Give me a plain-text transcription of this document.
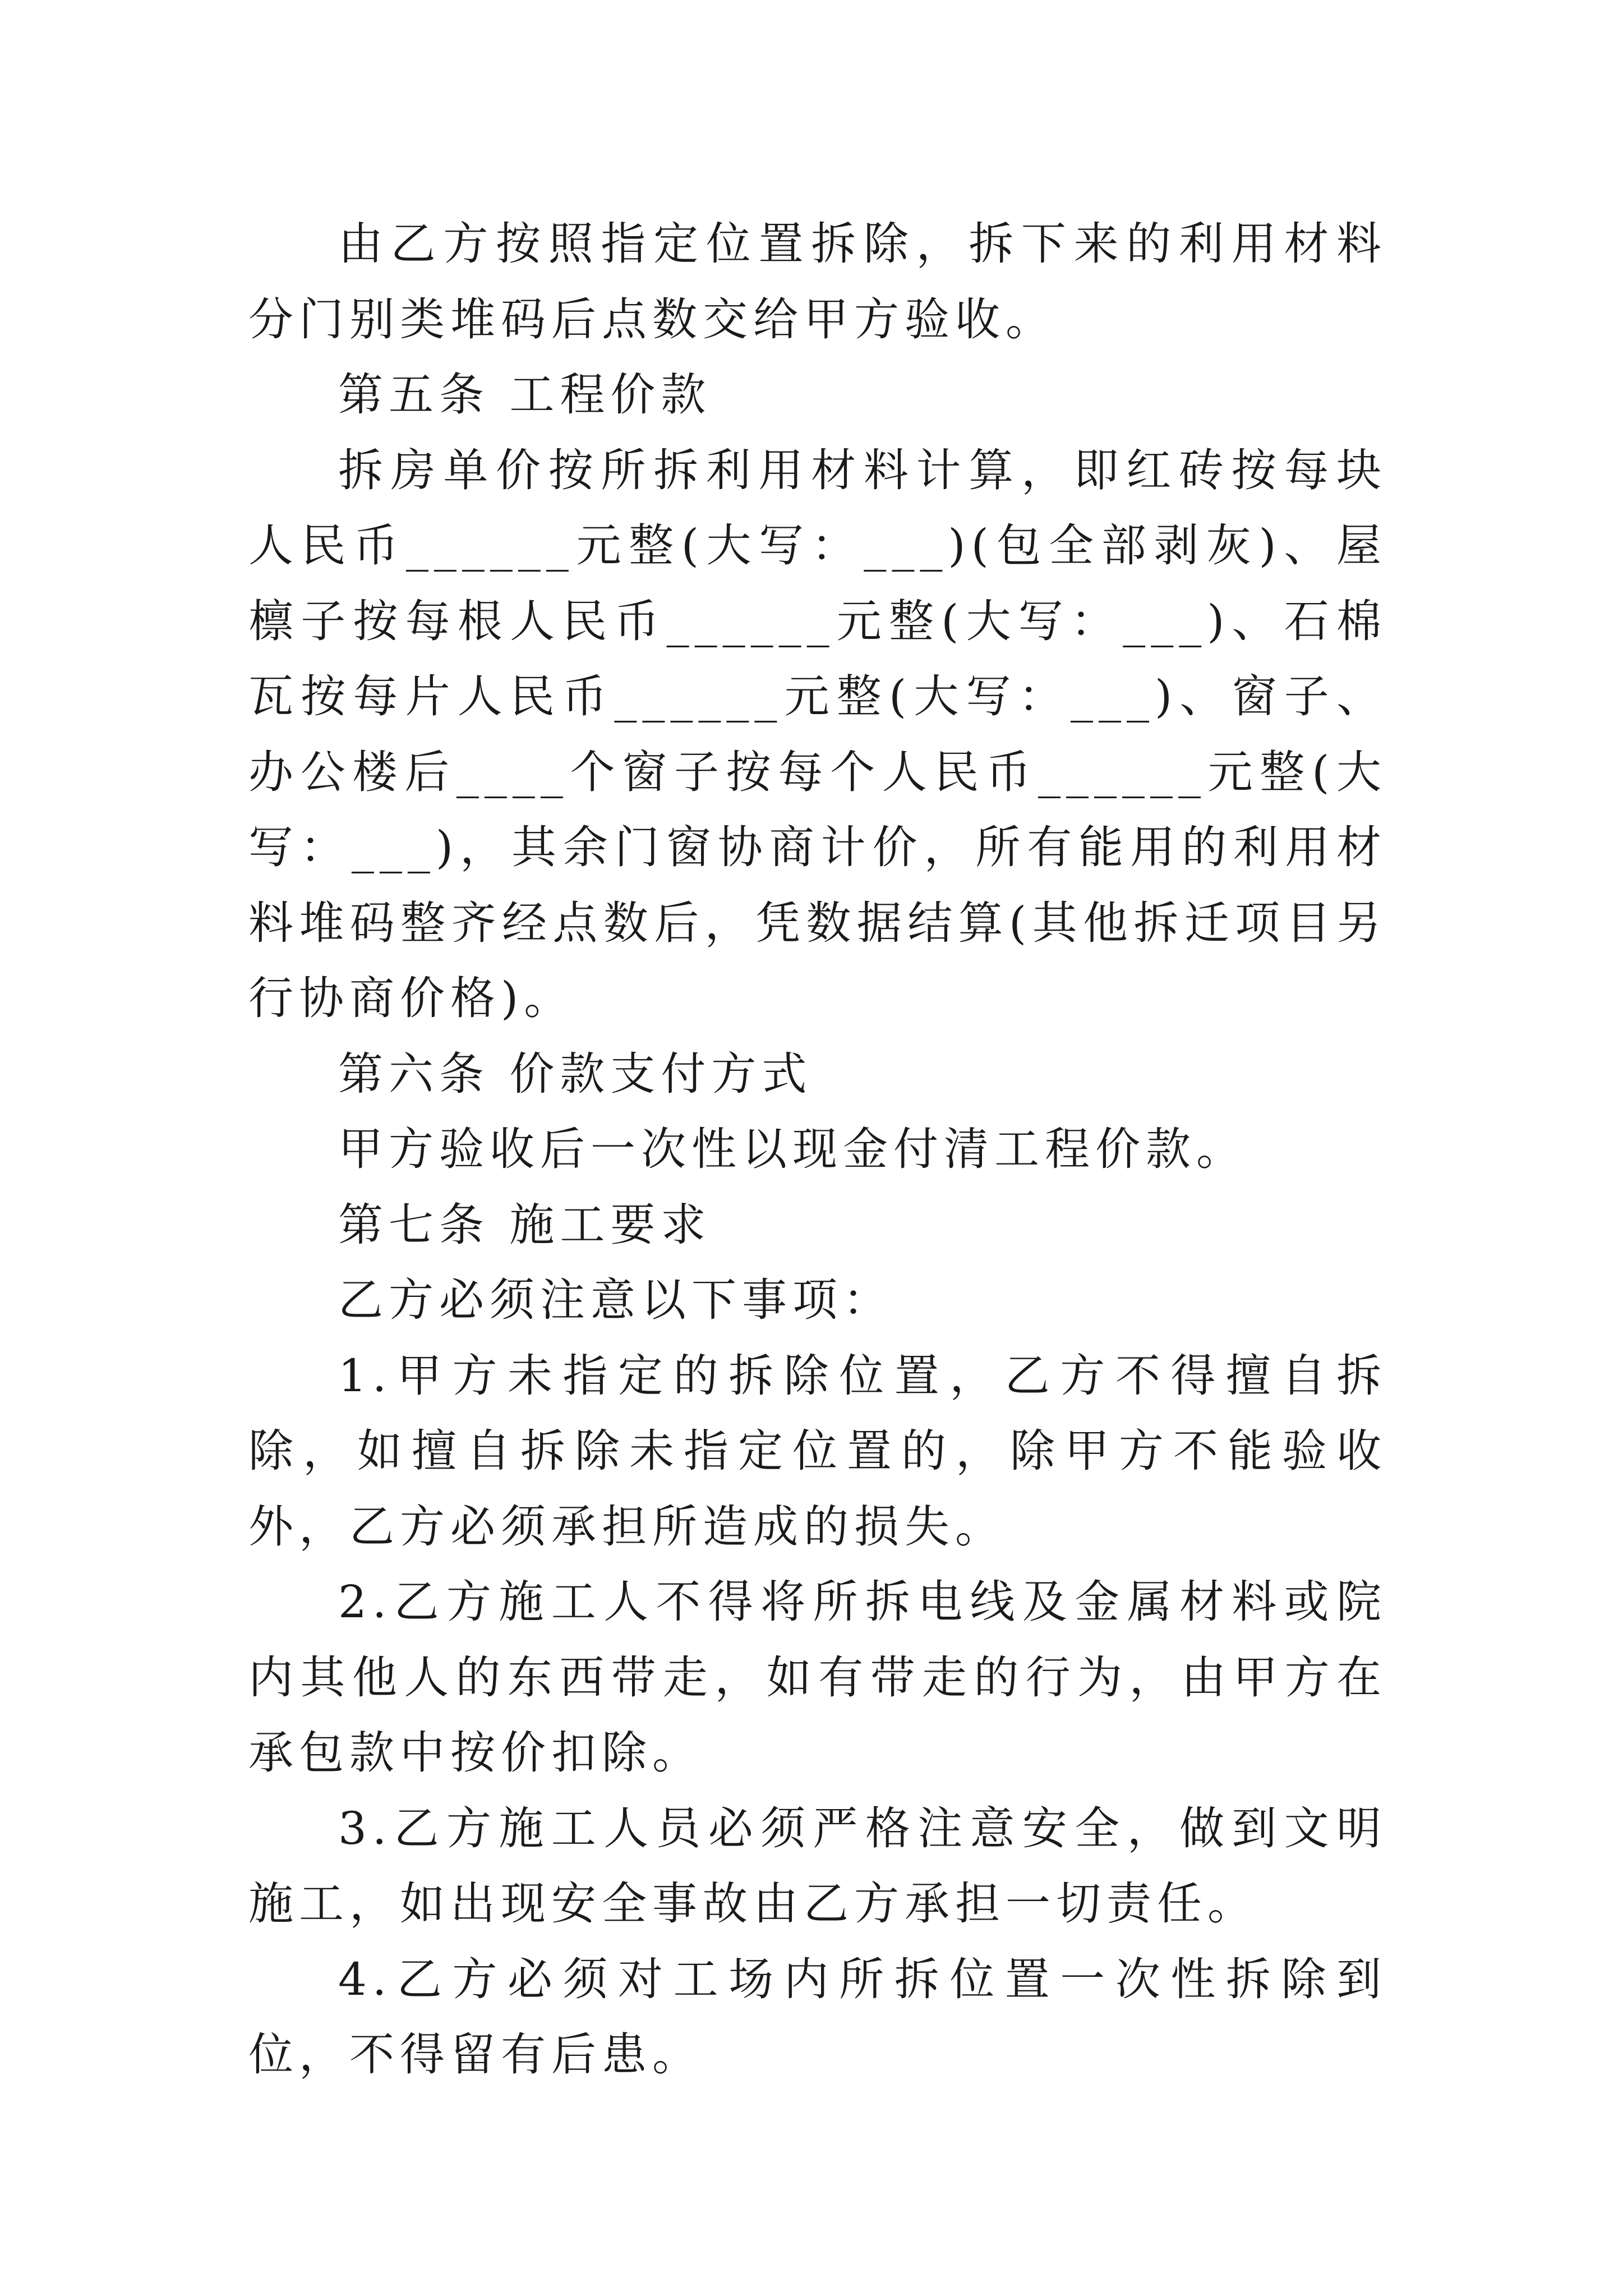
由乙方按照指定位置拆除，拆下来的利用材料分门别类堆码后点数交给甲方验收。

第五条 工程价款

拆房单价按所拆利用材料计算，即红砖按每块人民币______元整(大写：___)(包全部剥灰)、屋檩子按每根人民币______元整(大写：___)、石棉瓦按每片人民币______元整(大写：___)、窗子、办公楼后____个窗子按每个人民币______元整(大写：___)，其余门窗协商计价，所有能用的利用材料堆码整齐经点数后，凭数据结算(其他拆迁项目另行协商价格)。

第六条 价款支付方式

甲方验收后一次性以现金付清工程价款。

第七条 施工要求

乙方必须注意以下事项：

1.甲方未指定的拆除位置，乙方不得擅自拆除，如擅自拆除未指定位置的，除甲方不能验收外，乙方必须承担所造成的损失。

2.乙方施工人不得将所拆电线及金属材料或院内其他人的东西带走，如有带走的行为，由甲方在承包款中按价扣除。

3.乙方施工人员必须严格注意安全，做到文明施工，如出现安全事故由乙方承担一切责任。

4.乙方必须对工场内所拆位置一次性拆除到位，不得留有后患。
